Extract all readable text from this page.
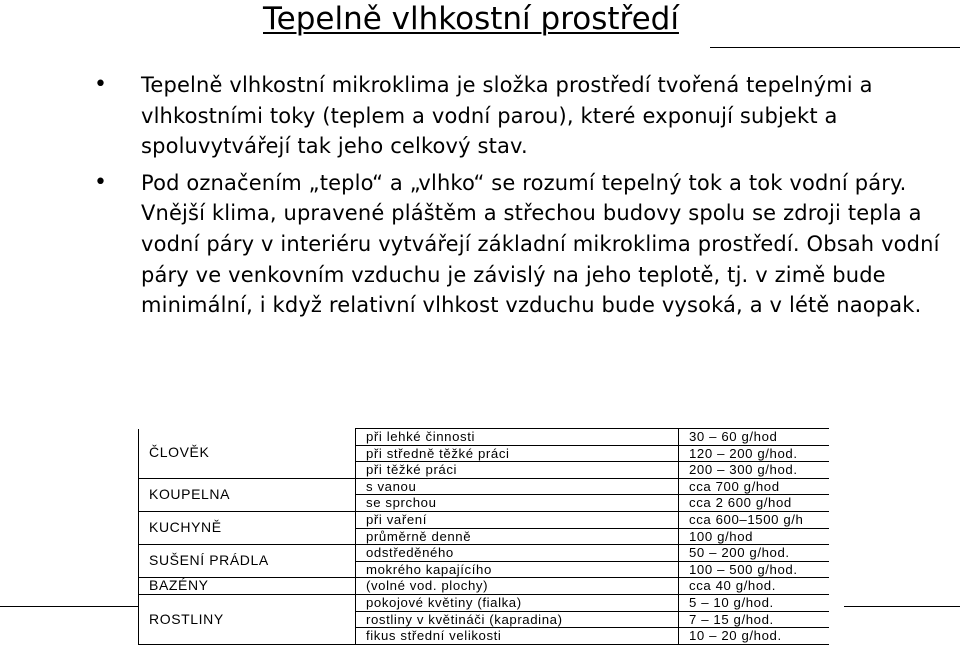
Tepelně vlhkostní prostředí
• Tepelně vlhkostní mikroklima je složka prostředí tvořená tepelnými a vlhkostními toky (teplem a vodní parou), které exponují subjekt a spoluvytvářejí tak jeho celkový stav.
• Pod označením „teplo“ a „vlhko“ se rozumí tepelný tok a tok vodní páry. Vnější klima, upravené pláštěm a střechou budovy spolu se zdroji tepla a vodní páry v interiéru vytvářejí základní mikroklima prostředí. Obsah vodní páry ve venkovním vzduchu je závislý na jeho teplotě, tj. v zimě bude minimální, i když relativní vlhkost vzduchu bude vysoká, a v létě naopak.
ČLOVĚK	při lehké činnosti	30 – 60 g/hod
	při středně těžké práci	120 – 200 g/hod.
	při těžké práci	200 – 300 g/hod.
KOUPELNA	s vanou	cca 700 g/hod
	se sprchou	cca 2 600 g/hod
KUCHYNĚ	při vaření	cca 600–1500 g/h
	průměrně denně	100 g/hod
SUŠENÍ PRÁDLA	odstředěného	50 – 200 g/hod.
	mokrého kapajícího	100 – 500 g/hod.
BAZÉNY	(volné vod. plochy)	cca 40 g/hod.
ROSTLINY	pokojové květiny (fialka)	5 – 10 g/hod.
	rostliny v květináči (kapradina)	7 – 15 g/hod.
	fikus střední velikosti	10 – 20 g/hod.
